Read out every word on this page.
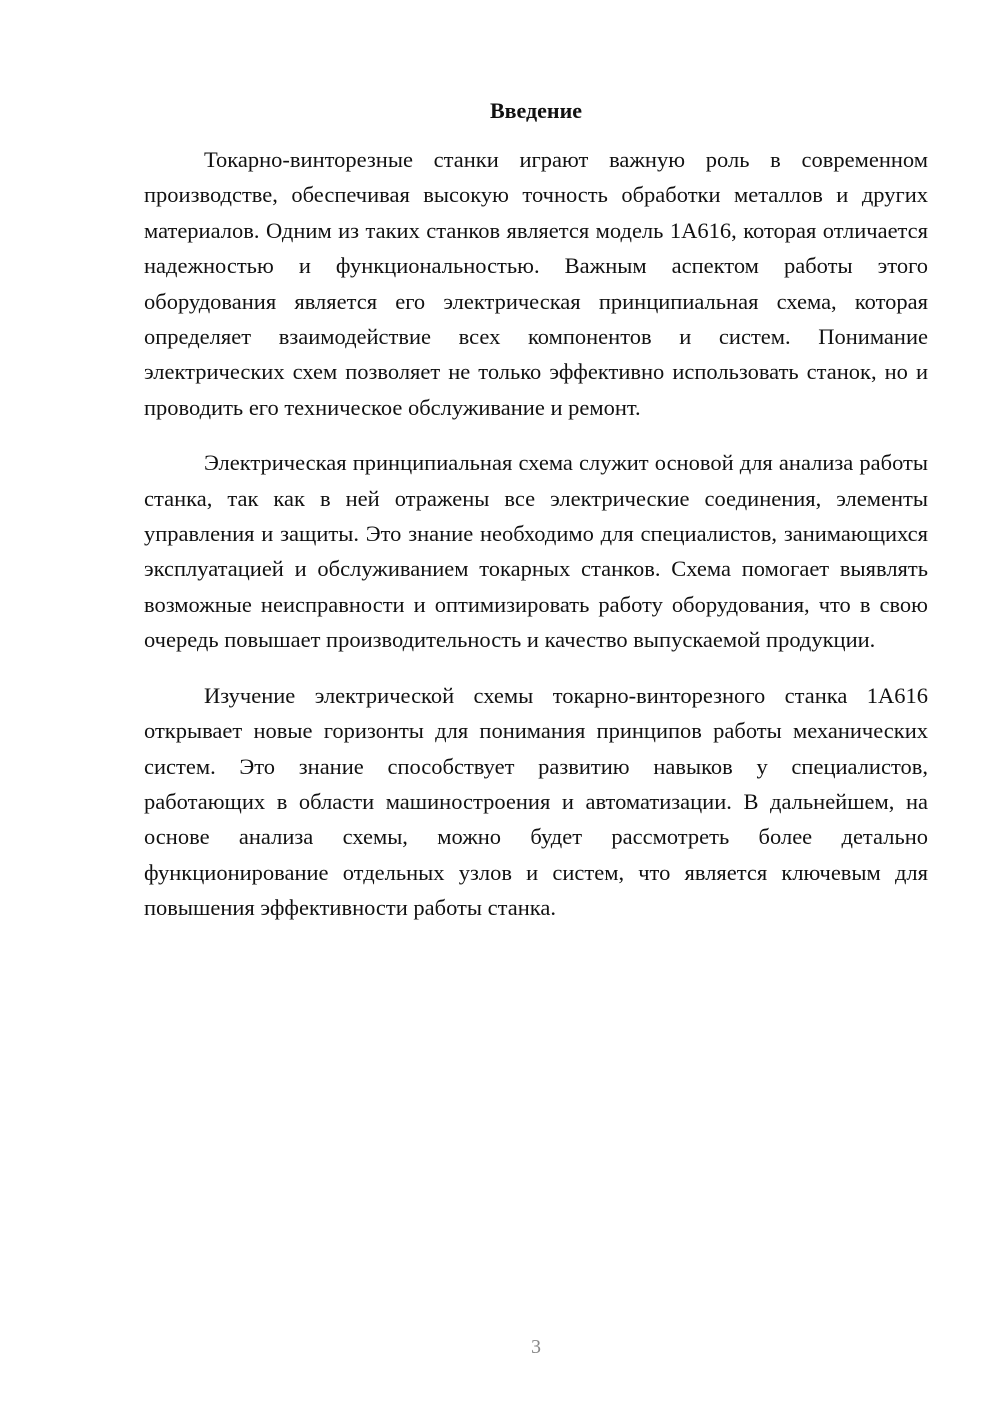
Введение

Токарно-винторезные станки играют важную роль в современном производстве, обеспечивая высокую точность обработки металлов и других материалов. Одним из таких станков является модель 1А616, которая отличается надежностью и функциональностью. Важным аспектом работы этого оборудования является его электрическая принципиальная схема, которая определяет взаимодействие всех компонентов и систем. Понимание электрических схем позволяет не только эффективно использовать станок, но и проводить его техническое обслуживание и ремонт.

Электрическая принципиальная схема служит основой для анализа работы станка, так как в ней отражены все электрические соединения, элементы управления и защиты. Это знание необходимо для специалистов, занимающихся эксплуатацией и обслуживанием токарных станков. Схема помогает выявлять возможные неисправности и оптимизировать работу оборудования, что в свою очередь повышает производительность и качество выпускаемой продукции.

Изучение электрической схемы токарно-винторезного станка 1А616 открывает новые горизонты для понимания принципов работы механических систем. Это знание способствует развитию навыков у специалистов, работающих в области машиностроения и автоматизации. В дальнейшем, на основе анализа схемы, можно будет рассмотреть более детально функционирование отдельных узлов и систем, что является ключевым для повышения эффективности работы станка.

3
